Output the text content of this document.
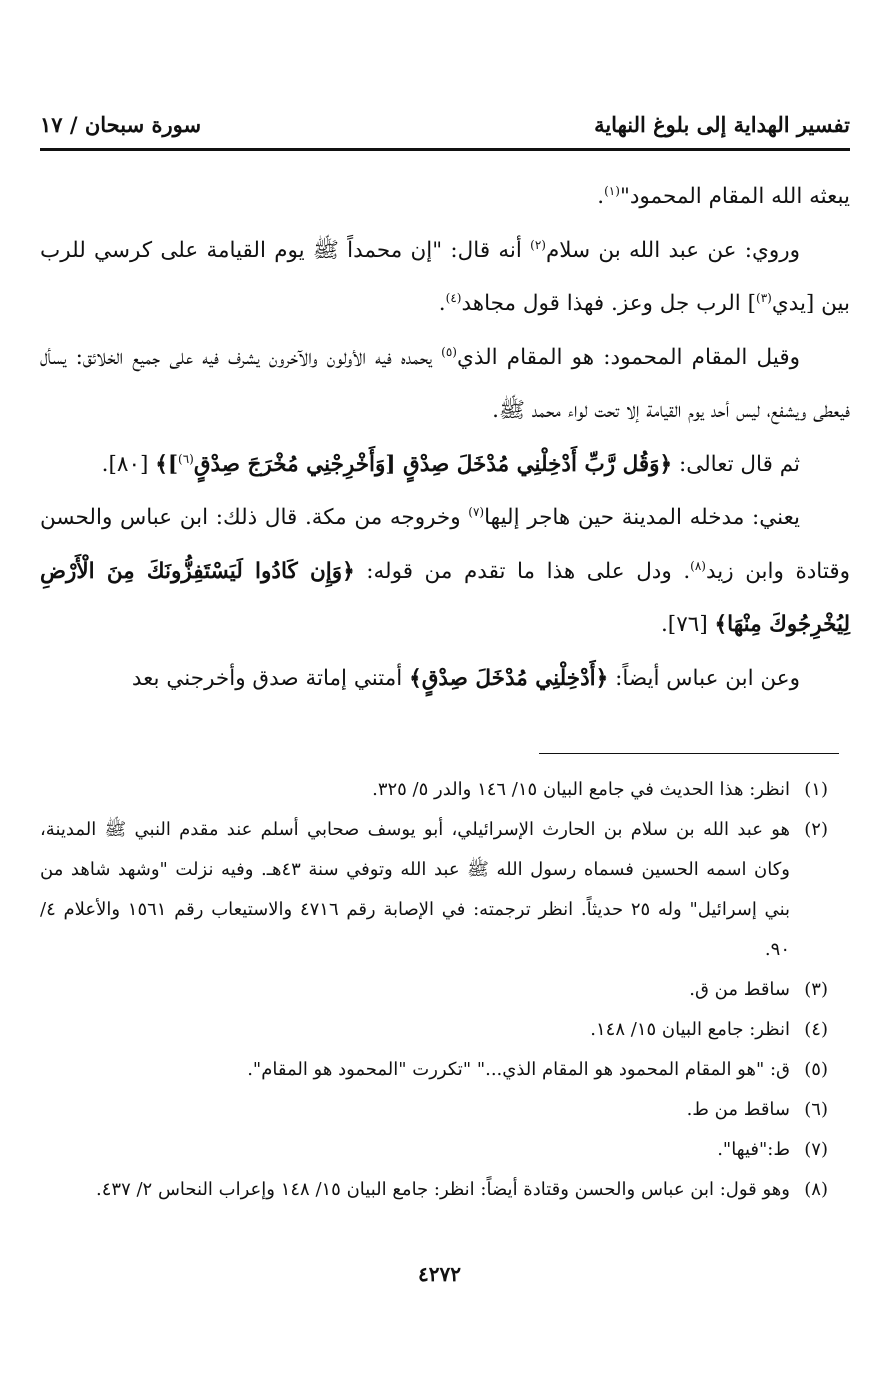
تفسير الهداية إلى بلوغ النهاية
سورة سبحان / ١٧

يبعثه الله المقام المحمود"$^{(١)}$.

وروي: عن عبد الله بن سلام$^{(٢)}$ أنه قال: "إن محمداً ﷺ يوم القيامة على كرسي للرب بين [يدي$^{(٣)}$] الرب جل وعز. فهذا قول مجاهد$^{(٤)}$.

وقيل المقام المحمود: هو المقام الذي$^{(٥)}$ يحمده فيه الأولون والآخرون يشرف فيه على جميع الخلائق: يسأل فيعطى ويشفع، ليس أحد يوم القيامة إلا تحت لواء محمد ﷺ.

ثم قال تعالى: ﴿وَقُل رَّبِّ أَدْخِلْنِي مُدْخَلَ صِدْقٍ [وَأَخْرِجْنِي مُخْرَجَ صِدْقٍ$^{(٦)}$]﴾ [٨٠].

يعني: مدخله المدينة حين هاجر إليها$^{(٧)}$ وخروجه من مكة. قال ذلك: ابن عباس والحسن وقتادة وابن زيد$^{(٨)}$. ودل على هذا ما تقدم من قوله: ﴿وَإِن كَادُوا لَيَسْتَفِزُّونَكَ مِنَ الْأَرْضِ لِيُخْرِجُوكَ مِنْهَا﴾ [٧٦].

وعن ابن عباس أيضاً: ﴿أَدْخِلْنِي مُدْخَلَ صِدْقٍ﴾ أمتني إماتة صدق وأخرجني بعد

(١)
انظر: هذا الحديث في جامع البيان ١٥/ ١٤٦ والدر ٥/ ٣٢٥.
(٢)
هو عبد الله بن سلام بن الحارث الإسرائيلي، أبو يوسف صحابي أسلم عند مقدم النبي ﷺ المدينة، وكان اسمه الحسين فسماه رسول الله ﷺ عبد الله وتوفي سنة ٤٣هـ. وفيه نزلت "وشهد شاهد من بني إسرائيل" وله ٢٥ حديثاً. انظر ترجمته: في الإصابة رقم ٤٧١٦ والاستيعاب رقم ١٥٦١ والأعلام ٤/ ٩٠.
(٣)
ساقط من ق.
(٤)
انظر: جامع البيان ١٥/ ١٤٨.
(٥)
ق: "هو المقام المحمود هو المقام الذي..." "تكررت "المحمود هو المقام".
(٦)
ساقط من ط.
(٧)
ط:"فيها".
(٨)
وهو قول: ابن عباس والحسن وقتادة أيضاً: انظر: جامع البيان ١٥/ ١٤٨ وإعراب النحاس ٢/ ٤٣٧.
٤٢٧٢
